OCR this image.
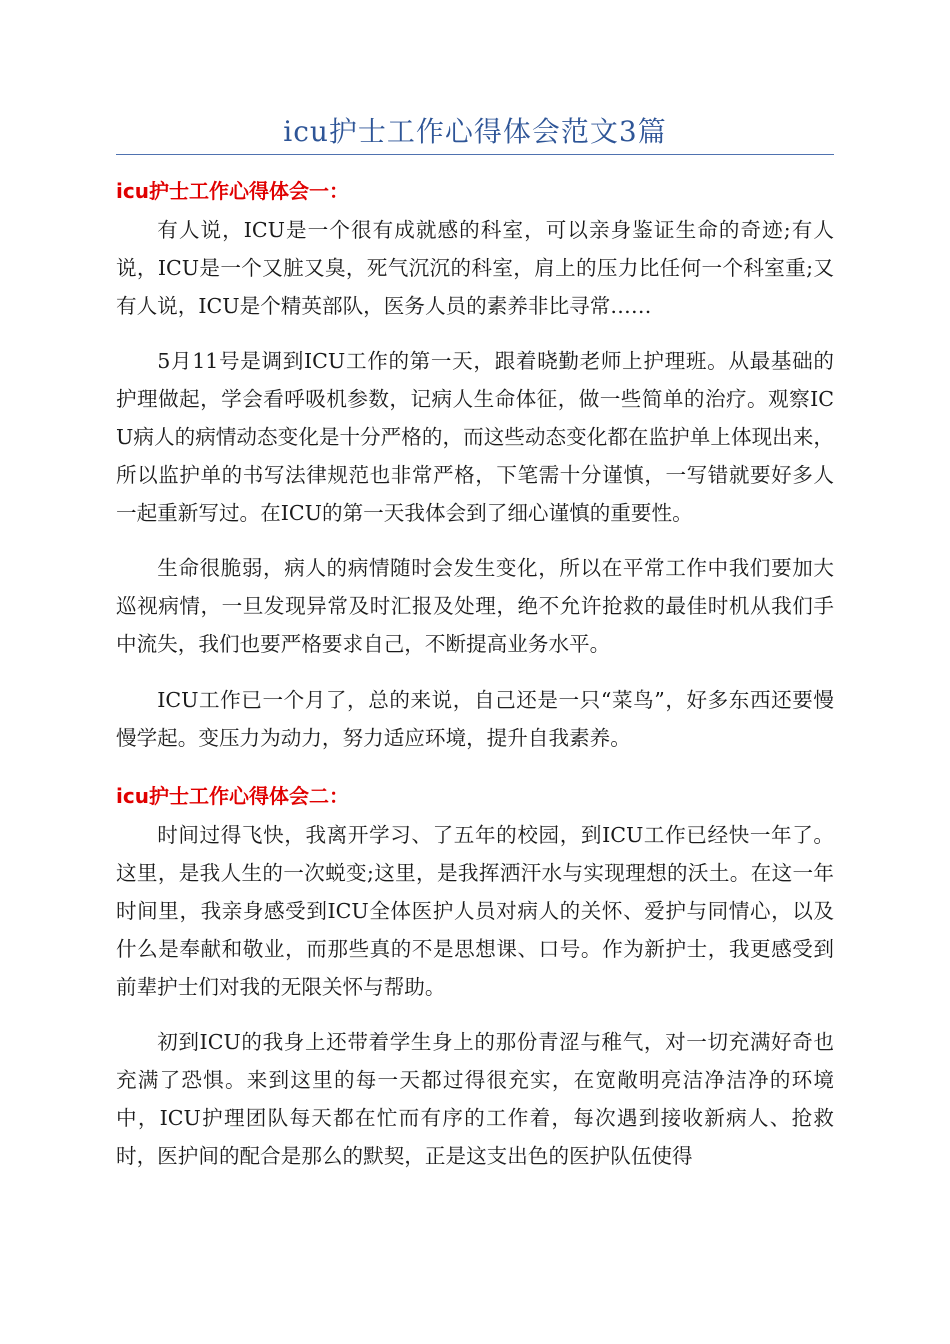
icu护士工作心得体会范文3篇
icu护士工作心得体会一：

有人说，ICU是一个很有成就感的科室，可以亲身鉴证生命的奇迹;有人说，ICU是一个又脏又臭，死气沉沉的科室，肩上的压力比任何一个科室重;又有人说，ICU是个精英部队，医务人员的素养非比寻常……

5月11号是调到ICU工作的第一天，跟着晓勤老师上护理班。从最基础的护理做起，学会看呼吸机参数，记病人生命体征，做一些简单的治疗。观察ICU病人的病情动态变化是十分严格的，而这些动态变化都在监护单上体现出来，所以监护单的书写法律规范也非常严格，下笔需十分谨慎，一写错就要好多人一起重新写过。在ICU的第一天我体会到了细心谨慎的重要性。

生命很脆弱，病人的病情随时会发生变化，所以在平常工作中我们要加大巡视病情，一旦发现异常及时汇报及处理，绝不允许抢救的最佳时机从我们手中流失，我们也要严格要求自己，不断提高业务水平。

ICU工作已一个月了，总的来说，自己还是一只“菜鸟”，好多东西还要慢慢学起。变压力为动力，努力适应环境，提升自我素养。

icu护士工作心得体会二：

时间过得飞快，我离开学习、了五年的校园，到ICU工作已经快一年了。这里，是我人生的一次蜕变;这里，是我挥洒汗水与实现理想的沃土。在这一年时间里，我亲身感受到ICU全体医护人员对病人的关怀、爱护与同情心，以及什么是奉献和敬业，而那些真的不是思想课、口号。作为新护士，我更感受到前辈护士们对我的无限关怀与帮助。

初到ICU的我身上还带着学生身上的那份青涩与稚气，对一切充满好奇也充满了恐惧。来到这里的每一天都过得很充实，在宽敞明亮洁净洁净的环境中，ICU护理团队每天都在忙而有序的工作着，每次遇到接收新病人、抢救时，医护间的配合是那么的默契，正是这支出色的医护队伍使得
